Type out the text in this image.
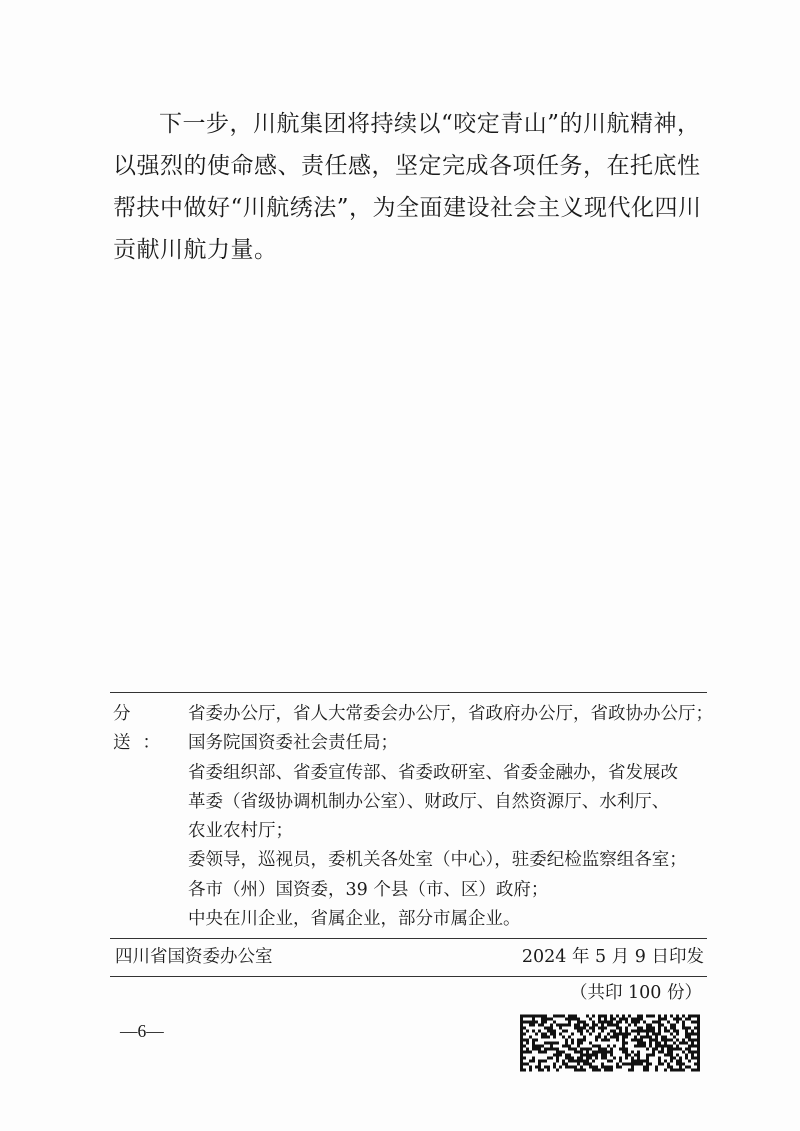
下一步，川航集团将持续以“咬定青山”的川航精神，以强烈的使命感、责任感，坚定完成各项任务，在托底性帮扶中做好“川航绣法”，为全面建设社会主义现代化四川贡献川航力量。

分 送：
省委办公厅，省人大常委会办公厅，省政府办公厅，省政协办公厅；
国务院国资委社会责任局；
省委组织部、省委宣传部、省委政研室、省委金融办，省发展改
革委（省级协调机制办公室）、财政厅、自然资源厅、水利厅、
农业农村厅；
委领导，巡视员，委机关各处室（中心），驻委纪检监察组各室；
各市（州）国资委，39 个县（市、区）政府；
中央在川企业，省属企业，部分市属企业。
四川省国资委办公室	2024 年 5 月 9 日印发
（共印 100 份）
—6—
